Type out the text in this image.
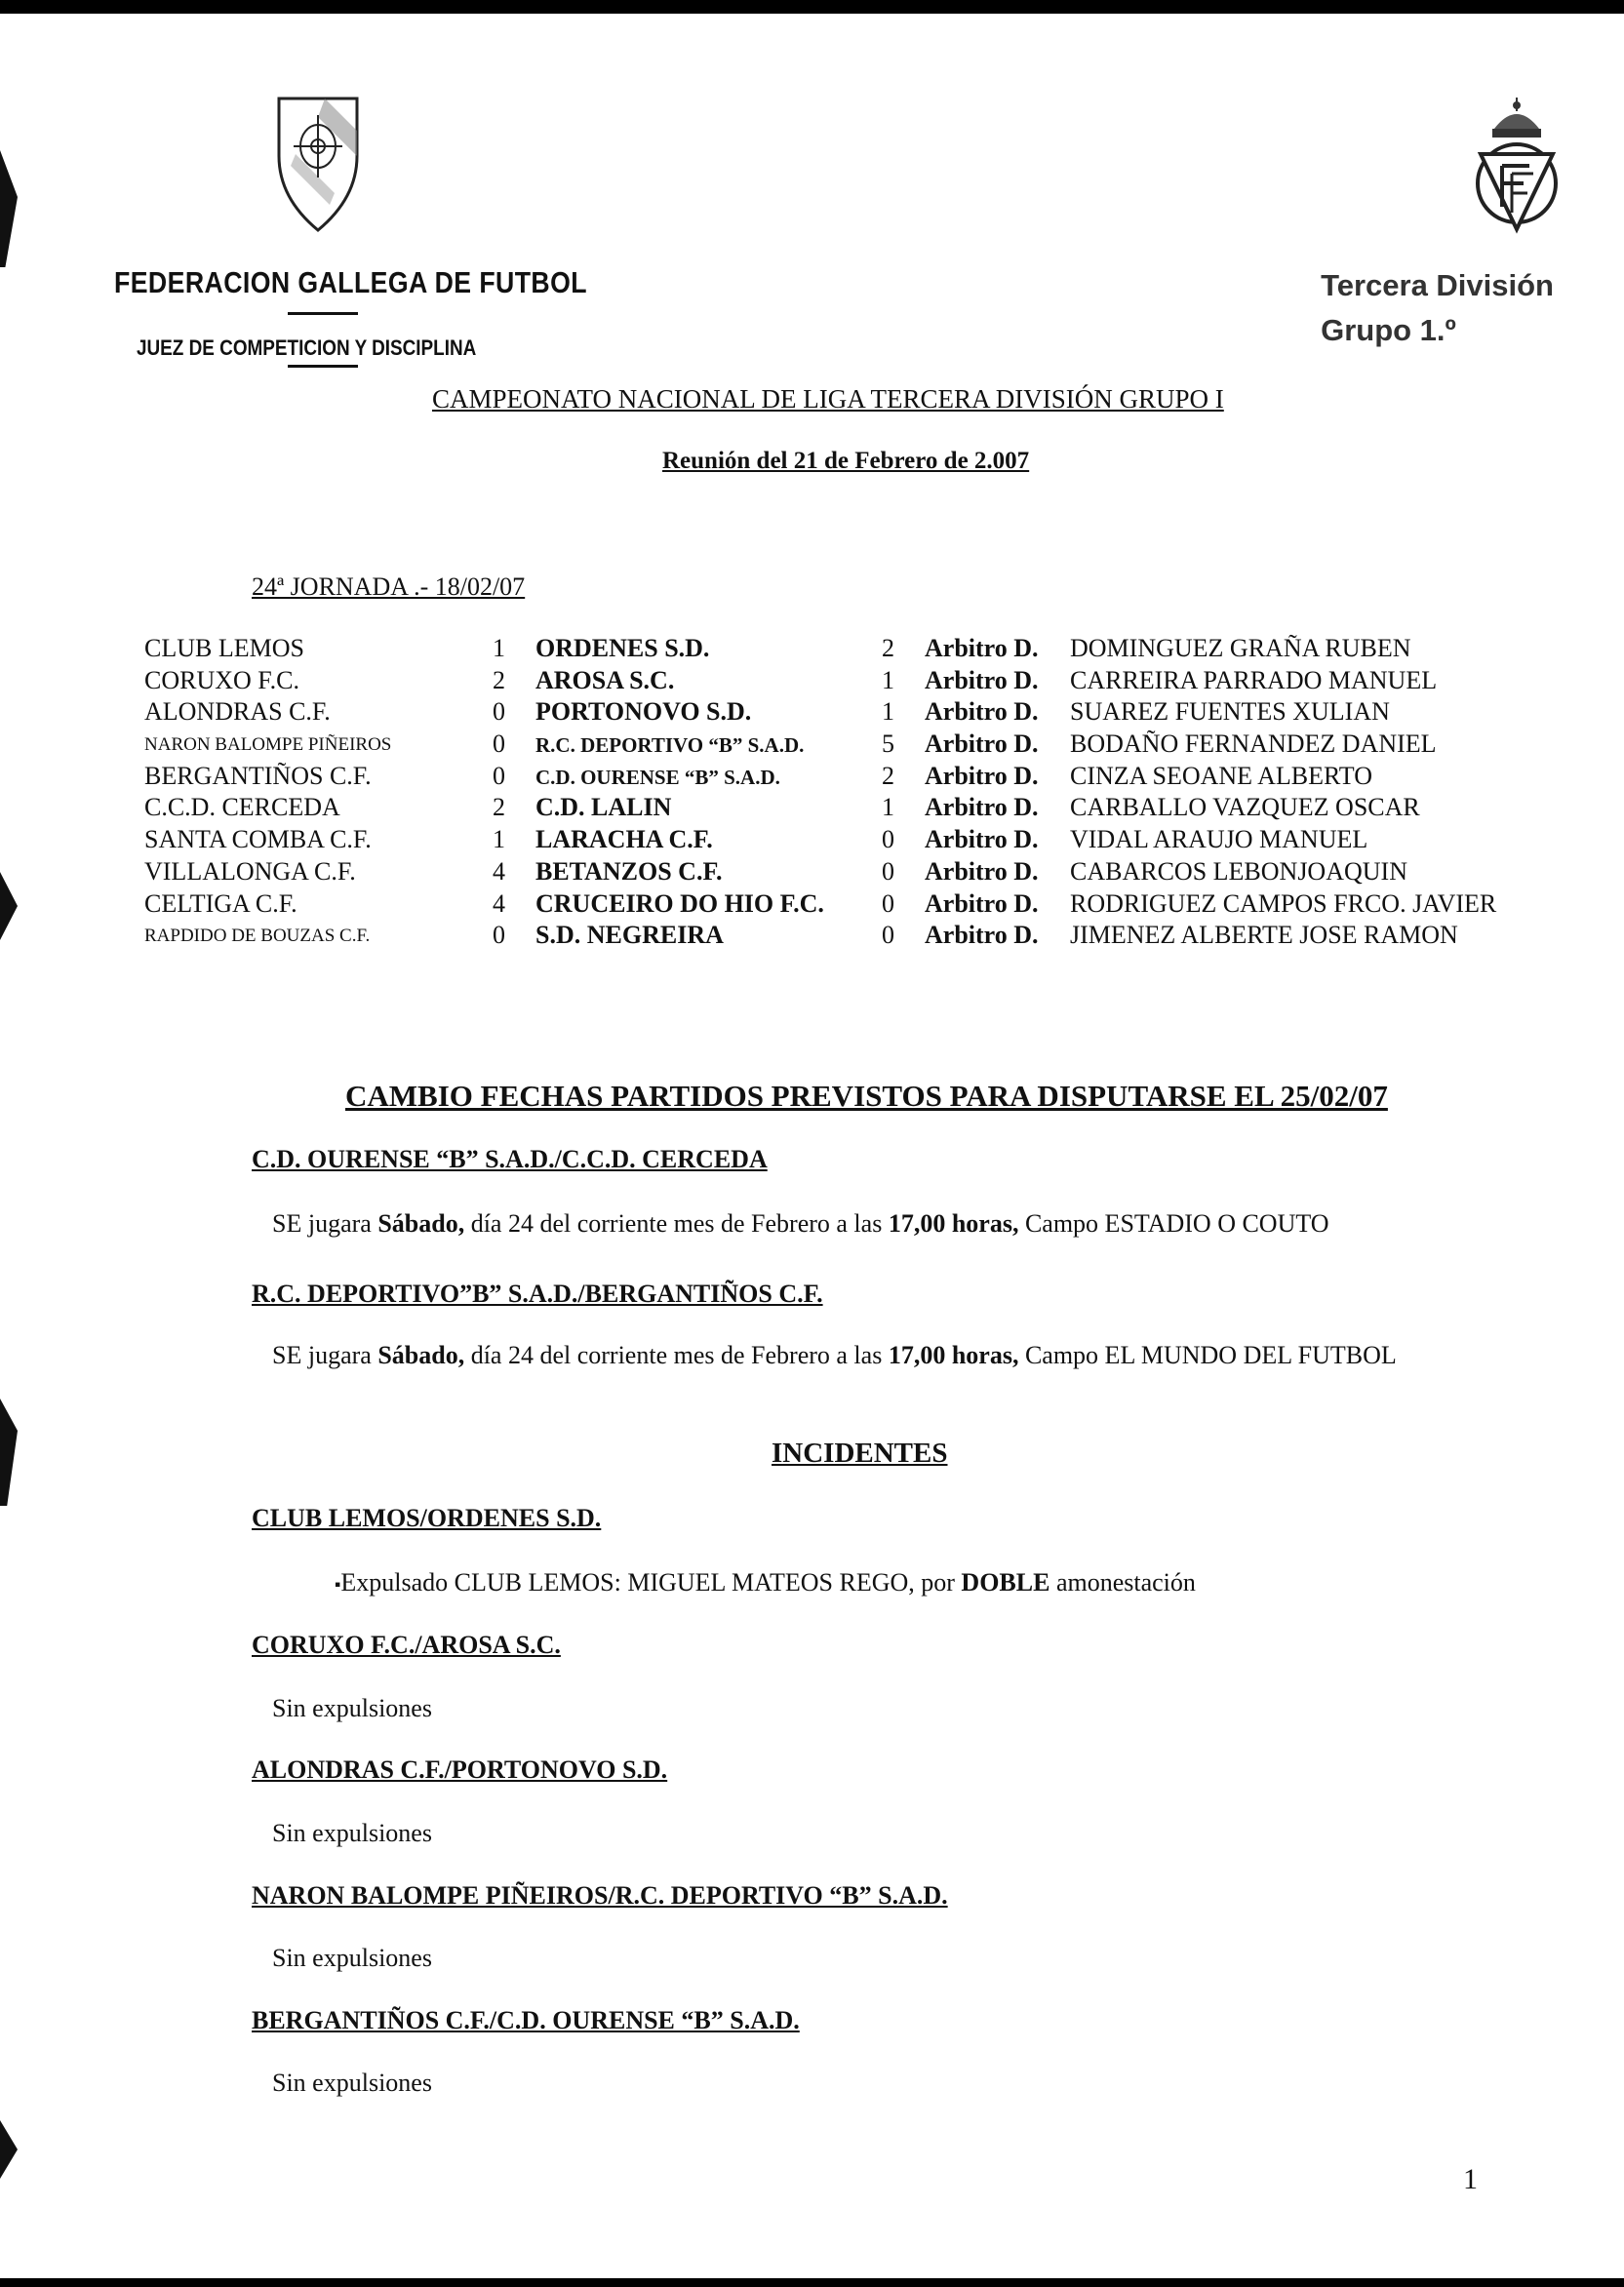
FEDERACION GALLEGA DE FUTBOL
JUEZ DE COMPETICION Y DISCIPLINA
Tercera División
Grupo 1.º
CAMPEONATO NACIONAL DE LIGA TERCERA DIVISIÓN GRUPO I
Reunión del 21 de Febrero de 2.007
24ª JORNADA .- 18/02/07
CLUB LEMOS	1 ORDENES S.D.	2 Arbitro D. DOMINGUEZ GRAÑA RUBEN
CORUXO F.C.	2 AROSA S.C.	1 Arbitro D. CARREIRA PARRADO MANUEL
ALONDRAS C.F.	0 PORTONOVO S.D.	1 Arbitro D. SUAREZ FUENTES XULIAN
NARON BALOMPE PIÑEIROS	0 R.C. DEPORTIVO “B” S.A.D.	5 Arbitro D. BODAÑO FERNANDEZ DANIEL
BERGANTIÑOS C.F.	0 C.D. OURENSE “B” S.A.D.	2 Arbitro D. CINZA SEOANE ALBERTO
C.C.D. CERCEDA	2 C.D. LALIN	1 Arbitro D. CARBALLO VAZQUEZ OSCAR
SANTA COMBA C.F.	1 LARACHA C.F.	0 Arbitro D. VIDAL ARAUJO MANUEL
VILLALONGA C.F.	4 BETANZOS C.F.	0 Arbitro D. CABARCOS LEBONJOAQUIN
CELTIGA C.F.	4 CRUCEIRO DO HIO F.C. 0 Arbitro D. RODRIGUEZ CAMPOS FRCO. JAVIER
RAPDIDO DE BOUZAS C.F.	0 S.D. NEGREIRA	0 Arbitro D. JIMENEZ ALBERTE JOSE RAMON
CAMBIO FECHAS PARTIDOS PREVISTOS PARA DISPUTARSE EL 25/02/07
C.D. OURENSE “B” S.A.D./C.C.D. CERCEDA
SE jugara Sábado, día 24 del corriente mes de Febrero a las 17,00 horas, Campo ESTADIO O COUTO
R.C. DEPORTIVO”B” S.A.D./BERGANTIÑOS C.F.
SE jugara Sábado, día 24 del corriente mes de Febrero a las 17,00 horas, Campo EL MUNDO DEL FUTBOL
INCIDENTES
CLUB LEMOS/ORDENES S.D.
▪Expulsado CLUB LEMOS: MIGUEL MATEOS REGO, por DOBLE amonestación
CORUXO F.C./AROSA S.C.
Sin expulsiones
ALONDRAS C.F./PORTONOVO S.D.
Sin expulsiones
NARON BALOMPE PIÑEIROS/R.C. DEPORTIVO “B” S.A.D.
Sin expulsiones
BERGANTIÑOS C.F./C.D. OURENSE “B” S.A.D.
Sin expulsiones
1
